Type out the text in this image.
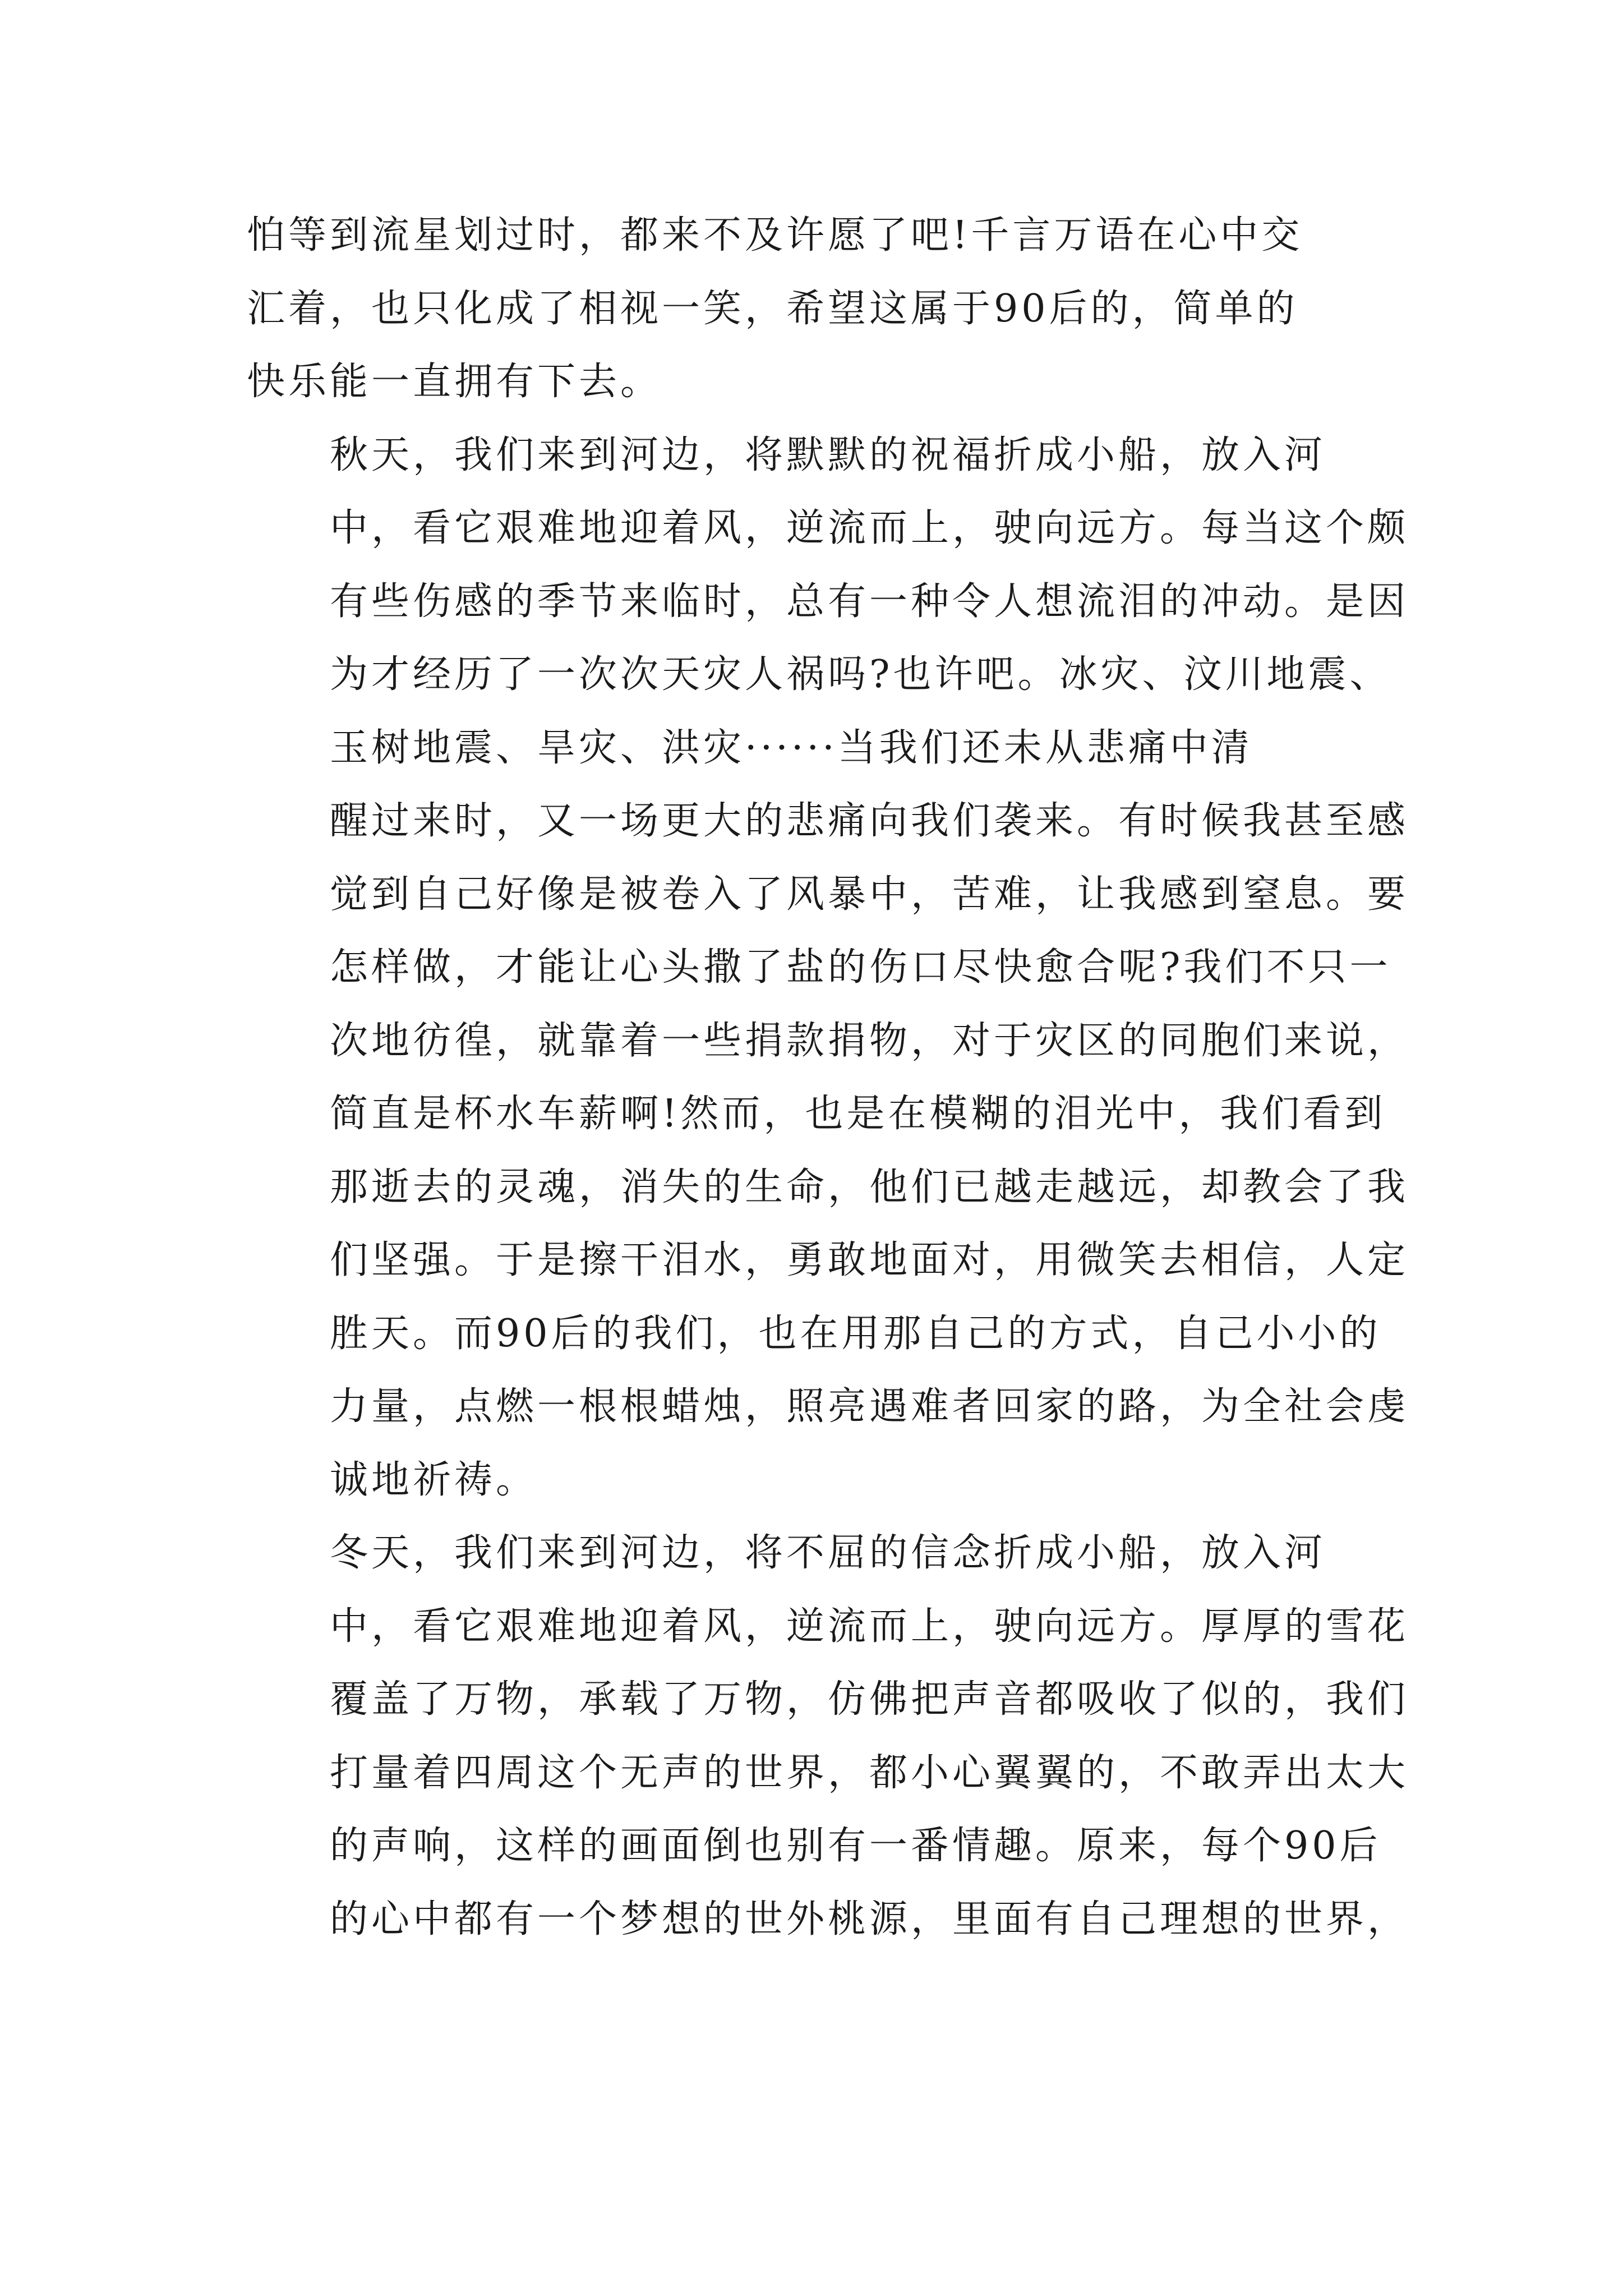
怕等到流星划过时，都来不及许愿了吧!千言万语在心中交
汇着，也只化成了相视一笑，希望这属于90后的，简单的
快乐能一直拥有下去。

秋天，我们来到河边，将默默的祝福折成小船，放入河
中，看它艰难地迎着风，逆流而上，驶向远方。每当这个颇
有些伤感的季节来临时，总有一种令人想流泪的冲动。是因
为才经历了一次次天灾人祸吗?也许吧。冰灾、汶川地震、
玉树地震、旱灾、洪灾······当我们还未从悲痛中清
醒过来时，又一场更大的悲痛向我们袭来。有时候我甚至感
觉到自己好像是被卷入了风暴中，苦难，让我感到窒息。要
怎样做，才能让心头撒了盐的伤口尽快愈合呢?我们不只一
次地彷徨，就靠着一些捐款捐物，对于灾区的同胞们来说，
简直是杯水车薪啊!然而，也是在模糊的泪光中，我们看到
那逝去的灵魂，消失的生命，他们已越走越远，却教会了我
们坚强。于是擦干泪水，勇敢地面对，用微笑去相信，人定
胜天。而90后的我们，也在用那自己的方式，自己小小的
力量，点燃一根根蜡烛，照亮遇难者回家的路，为全社会虔
诚地祈祷。

冬天，我们来到河边，将不屈的信念折成小船，放入河
中，看它艰难地迎着风，逆流而上，驶向远方。厚厚的雪花
覆盖了万物，承载了万物，仿佛把声音都吸收了似的，我们
打量着四周这个无声的世界，都小心翼翼的，不敢弄出太大
的声响，这样的画面倒也别有一番情趣。原来，每个90后
的心中都有一个梦想的世外桃源，里面有自己理想的世界，
